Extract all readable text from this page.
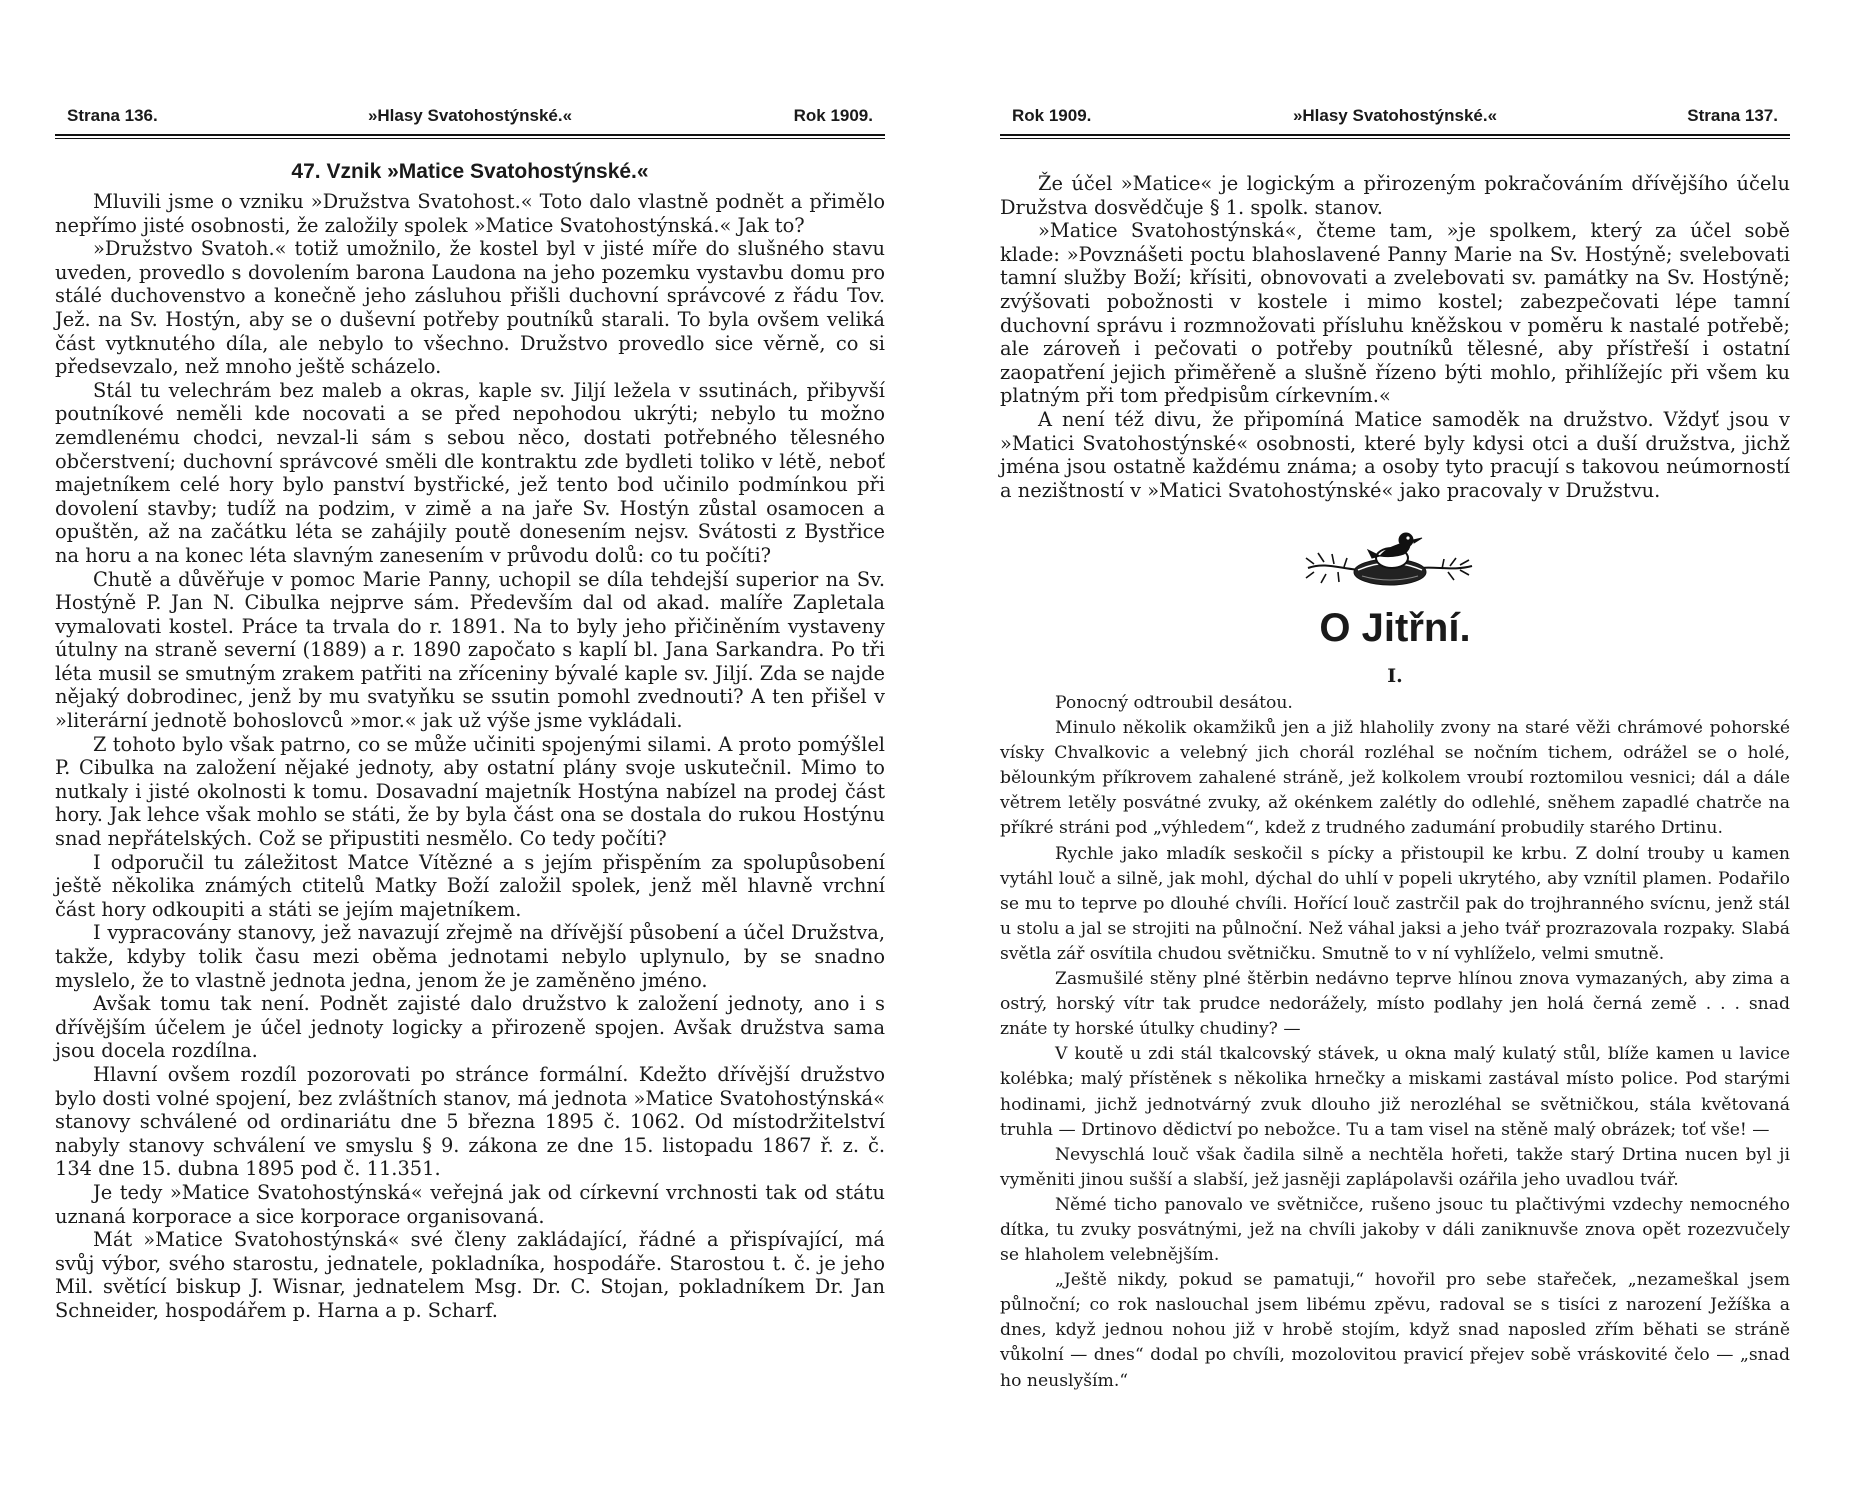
Strana 136.	»Hlasy Svatohostýnské.«	Rok 1909.
47. Vznik »Matice Svatohostýnské.«

Mluvili jsme o vzniku »Družstva Svatohost.« Toto dalo vlastně podnět a přimělo nepřímo jisté osobnosti, že založily spolek »Matice Svatohostýnská.« Jak to?

»Družstvo Svatoh.« totiž umožnilo, že kostel byl v jisté míře do slušného stavu uveden, provedlo s dovolením barona Laudona na jeho pozemku vystavbu domu pro stálé duchovenstvo a konečně jeho zásluhou přišli duchovní správcové z řádu Tov. Jež. na Sv. Hostýn, aby se o duševní potřeby poutníků starali. To byla ovšem veliká část vytknutého díla, ale nebylo to všechno. Družstvo provedlo sice věrně, co si předsevzalo, než mnoho ještě scházelo.

Stál tu velechrám bez maleb a okras, kaple sv. Jiljí ležela v ssutinách, přibyvší poutníkové neměli kde nocovati a se před nepohodou ukrýti; nebylo tu možno zemdlenému chodci, nevzal-li sám s sebou něco, dostati potřebného tělesného občerstvení; duchovní správcové směli dle kontraktu zde bydleti toliko v létě, neboť majetníkem celé hory bylo panství bystřické, jež tento bod učinilo podmínkou při dovolení stavby; tudíž na podzim, v zimě a na jaře Sv. Hostýn zůstal osamocen a opuštěn, až na začátku léta se zahájily poutě donesením nejsv. Svátosti z Bystřice na horu a na konec léta slavným zanesením v průvodu dolů: co tu počíti?

Chutě a důvěřuje v pomoc Marie Panny, uchopil se díla tehdejší superior na Sv. Hostýně P. Jan N. Cibulka nejprve sám. Především dal od akad. malíře Zapletala vymalovati kostel. Práce ta trvala do r. 1891. Na to byly jeho přičiněním vystaveny útulny na straně severní (1889) a r. 1890 započato s kaplí bl. Jana Sarkandra. Po tři léta musil se smutným zrakem patřiti na zříceniny bývalé kaple sv. Jiljí. Zda se najde nějaký dobrodinec, jenž by mu svatyňku se ssutin pomohl zvednouti? A ten přišel v »literární jednotě bohoslovců »mor.« jak už výše jsme vykládali.

Z tohoto bylo však patrno, co se může učiniti spojenými silami. A proto pomýšlel P. Cibulka na založení nějaké jednoty, aby ostatní plány svoje uskutečnil. Mimo to nutkaly i jisté okolnosti k tomu. Dosavadní majetník Hostýna nabízel na prodej část hory. Jak lehce však mohlo se státi, že by byla část ona se dostala do rukou Hostýnu snad nepřátelských. Což se připustiti nesmělo. Co tedy počíti?

I odporučil tu záležitost Matce Vítězné a s jejím přispěním za spolupůsobení ještě několika známých ctitelů Matky Boží založil spolek, jenž měl hlavně vrchní část hory odkoupiti a státi se jejím majetníkem.

I vypracovány stanovy, jež navazují zřejmě na dřívější působení a účel Družstva, takže, kdyby tolik času mezi oběma jednotami nebylo uplynulo, by se snadno myslelo, že to vlastně jednota jedna, jenom že je zaměněno jméno.

Avšak tomu tak není. Podnět zajisté dalo družstvo k založení jednoty, ano i s dřívějším účelem je účel jednoty logicky a přirozeně spojen. Avšak družstva sama jsou docela rozdílna.

Hlavní ovšem rozdíl pozorovati po stránce formální. Kdežto dřívější družstvo bylo dosti volné spojení, bez zvláštních stanov, má jednota »Matice Svatohostýnská« stanovy schválené od ordinariátu dne 5 března 1895 č. 1062. Od místodržitelství nabyly stanovy schválení ve smyslu § 9. zákona ze dne 15. listopadu 1867 ř. z. č. 134 dne 15. dubna 1895 pod č. 11.351.

Je tedy »Matice Svatohostýnská« veřejná jak od církevní vrchnosti tak od státu uznaná korporace a sice korporace organisovaná.

Mát »Matice Svatohostýnská« své členy zakládající, řádné a přispívající, má svůj výbor, svého starostu, jednatele, pokladníka, hospodáře. Starostou t. č. je jeho Mil. světící biskup J. Wisnar, jednatelem Msg. Dr. C. Stojan, pokladníkem Dr. Jan Schneider, hospodářem p. Harna a p. Scharf.

Rok 1909.	»Hlasy Svatohostýnské.«	Strana 137.

Že účel »Matice« je logickým a přirozeným pokračováním dřívějšího účelu Družstva dosvědčuje § 1. spolk. stanov.

»Matice Svatohostýnská«, čteme tam, »je spolkem, který za účel sobě klade: »Povznášeti poctu blahoslavené Panny Marie na Sv. Hostýně; svelebovati tamní služby Boží; křísiti, obnovovati a zvelebovati sv. památky na Sv. Hostýně; zvýšovati pobožnosti v kostele i mimo kostel; zabezpečovati lépe tamní duchovní správu i rozmnožovati přísluhu kněžskou v poměru k nastalé potřebě; ale zároveň i pečovati o potřeby poutníků tělesné, aby přístřeší i ostatní zaopatření jejich přiměřeně a slušně řízeno býti mohlo, přihlížejíc při všem ku platným při tom předpisům církevním.«

A není též divu, že připomíná Matice samoděk na družstvo. Vždyť jsou v »Matici Svatohostýnské« osobnosti, které byly kdysi otci a duší družstva, jichž jména jsou ostatně každému známa; a osoby tyto pracují s takovou neúmorností a nezištností v »Matici Svatohostýnské« jako pracovaly v Družstvu.

O Jitřní.
I.

Ponocný odtroubil desátou.

Minulo několik okamžiků jen a již hlaholily zvony na staré věži chrámové pohorské vísky Chvalkovic a velebný jich chorál rozléhal se nočním tichem, odrážel se o holé, bělounkým příkrovem zahalené stráně, jež kolkolem vroubí roztomilou vesnici; dál a dále větrem letěly posvátné zvuky, až okénkem zalétly do odlehlé, sněhem zapadlé chatrče na příkré stráni pod „výhledem“, kdež z trudného zadumání probudily starého Drtinu.

Rychle jako mladík seskočil s pícky a přistoupil ke krbu. Z dolní trouby u kamen vytáhl louč a silně, jak mohl, dýchal do uhlí v popeli ukrytého, aby vznítil plamen. Podařilo se mu to teprve po dlouhé chvíli. Hořící louč zastrčil pak do trojhranného svícnu, jenž stál u stolu a jal se strojiti na půlnoční. Než váhal jaksi a jeho tvář prozrazovala rozpaky. Slabá světla zář osvítila chudou světničku. Smutně to v ní vyhlíželo, velmi smutně.

Zasmušilé stěny plné štěrbin nedávno teprve hlínou znova vymazaných, aby zima a ostrý, horský vítr tak prudce nedorážely, místo podlahy jen holá černá země . . . snad znáte ty horské útulky chudiny? —

V koutě u zdi stál tkalcovský stávek, u okna malý kulatý stůl, blíže kamen u lavice kolébka; malý přístěnek s několika hrnečky a miskami zastával místo police. Pod starými hodinami, jichž jednotvárný zvuk dlouho již nerozléhal se světničkou, stála květovaná truhla — Drtinovo dědictví po nebožce. Tu a tam visel na stěně malý obrázek; toť vše! —

Nevyschlá louč však čadila silně a nechtěla hořeti, takže starý Drtina nucen byl ji vyměniti jinou sušší a slabší, jež jasněji zaplápolavši ozářila jeho uvadlou tvář.

Němé ticho panovalo ve světničce, rušeno jsouc tu plačtivými vzdechy nemocného dítka, tu zvuky posvátnými, jež na chvíli jakoby v dáli zaniknuvše znova opět rozezvučely se hlaholem velebnějším.

„Ještě nikdy, pokud se pamatuji,“ hovořil pro sebe stařeček, „nezameškal jsem půlnoční; co rok naslouchal jsem libému zpěvu, radoval se s tisíci z narození Ježíška a dnes, když jednou nohou již v hrobě stojím, když snad naposled zřím běhati se stráně vůkolní — dnes“ dodal po chvíli, mozolovitou pravicí přejev sobě vráskovité čelo — „snad ho neuslyším.“
